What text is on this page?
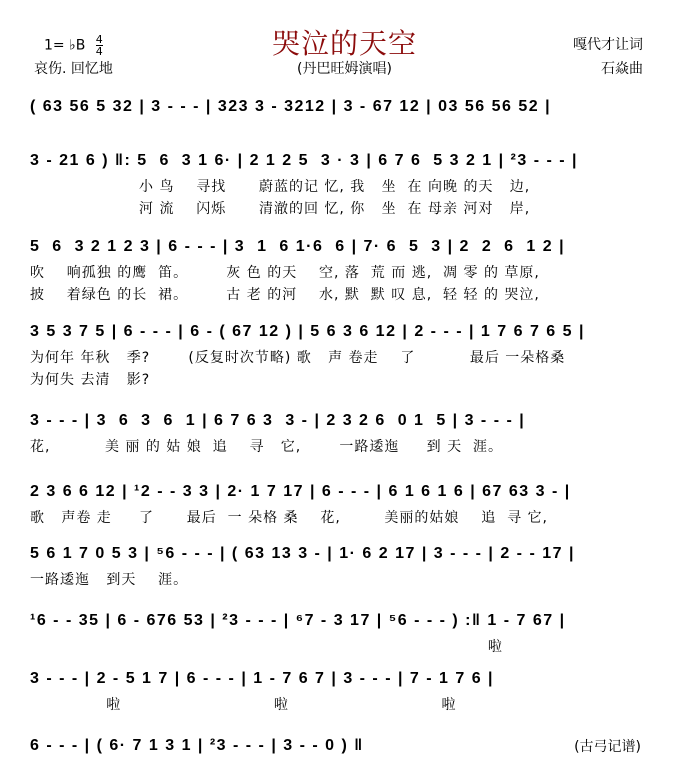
哭泣的天空
(丹巴旺姆演唱)
1= ♭B $\frac{4}{4}$
哀伤. 回忆地
嘎代才让词
石焱曲
( 63 56 5 32 | 3 - - - | 323 3 - 3212 | 3 - 67 12 | 03 56 56 52 |
3 - 21 6 ) ‖: 5  6  3 1 6· | 2 1 2 5  3 · 3 | 6 7 6  5 3 2 1 | ²3 - - - |
小 鸟    寻找      蔚蓝的记 忆, 我   坐  在 向晚 的天   边,
河 流    闪烁      清澈的回 忆, 你   坐  在 母亲 河对   岸,
5  6  3 2 1 2 3 | 6 - - - | 3  1  6 1·6  6 | 7· 6  5  3 | 2  2  6  1 2 |
吹    响孤独 的鹰  笛。       灰 色 的天    空, 落  荒 而 逃,  凋 零 的 草原,
披    着绿色 的长  裙。       古 老 的河    水, 默  默 叹 息,  轻 轻 的 哭泣,
3 5 3 7 5 | 6 - - - | 6 - ( 67 12 ) | 5 6 3 6 12 | 2 - - - | 1 7 6 7 6 5 |
为何年 年秋   季?       (反复时次节略) 歌   声 卷走    了          最后 一朵格桑
为何失 去清   影?
3 - - - | 3  6  3  6  1 | 6 7 6 3  3 - | 2 3 2 6  0 1  5 | 3 - - - |
花,          美 丽 的 姑 娘  追    寻   它,       一路逶迤     到 天  涯。
2 3 6 6 12 | ¹2 - - 3 3 | 2· 1 7 17 | 6 - - - | 6 1 6 1 6 | 67 63 3 - |
歌   声卷 走     了      最后  一 朵格 桑    花,        美丽的姑娘    追  寻 它,
5 6 1 7 0 5 3 | ⁵6 - - - | ( 63 13 3 - | 1· 6 2 17 | 3 - - - | 2 - - 17 |
一路逶迤   到天    涯。
¹6 - - 35 | 6 - 676 53 | ²3 - - - | ⁶7 - 3 17 | ⁵6 - - - ) :‖ 1 - 7 67 |
啦
3 - - - | 2 - 5 1 7 | 6 - - - | 1 - 7 6 7 | 3 - - - | 7 - 1 7 6 |
啦                            啦                            啦
6 - - - | ( 6· 7 1 3 1 | ²3 - - - | 3 - - 0 ) ‖	(古弓记谱)
